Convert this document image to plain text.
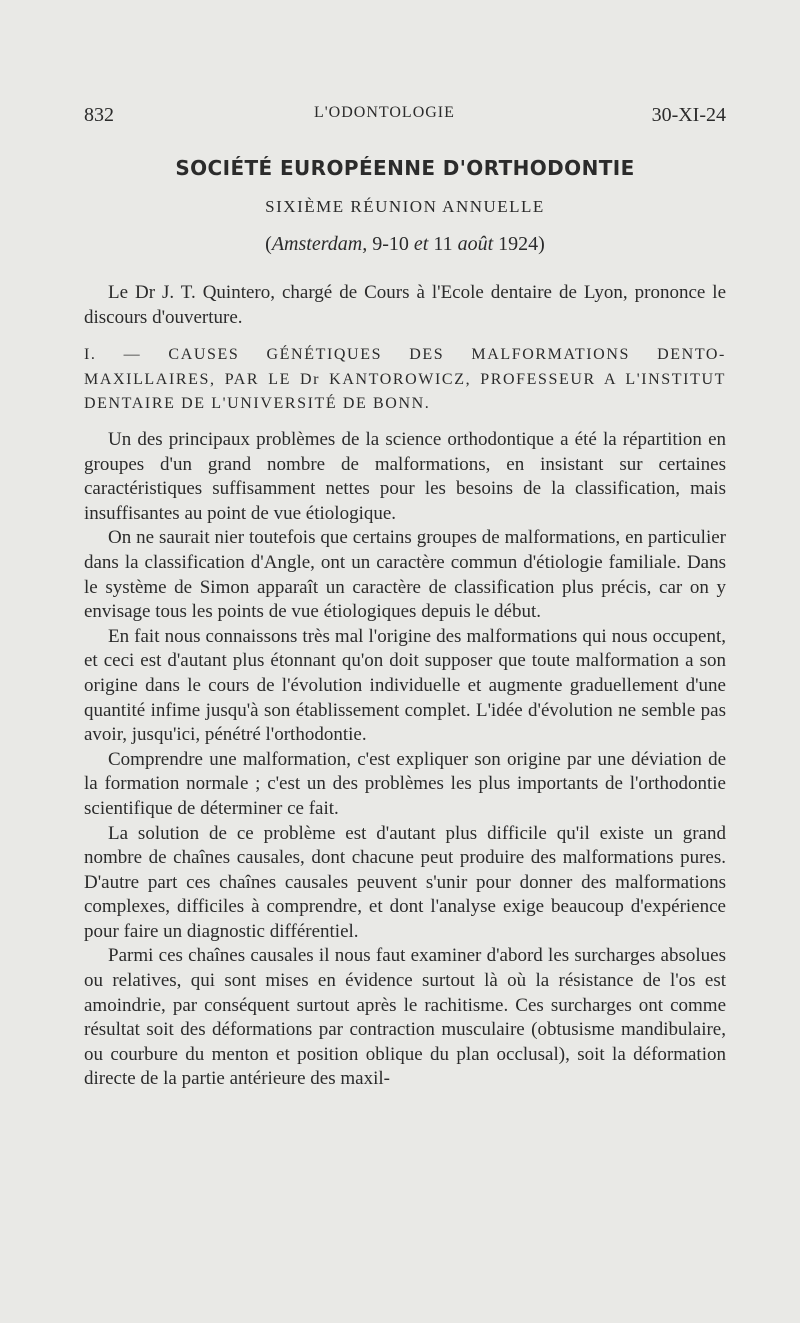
832	L'ODONTOLOGIE	30-XI-24
SOCIÉTÉ EUROPÉENNE D'ORTHODONTIE
SIXIÈME RÉUNION ANNUELLE
(Amsterdam, 9-10 et 11 août 1924)

Le Dr J. T. Quintero, chargé de Cours à l'Ecole dentaire de Lyon, prononce le discours d'ouverture.

I. — CAUSES GÉNÉTIQUES DES MALFORMATIONS DENTO-MAXILLAIRES, PAR LE Dr KANTOROWICZ, PROFESSEUR A L'INSTITUT DENTAIRE DE L'UNIVERSITÉ DE BONN.

Un des principaux problèmes de la science orthodontique a été la répartition en groupes d'un grand nombre de malformations, en insistant sur certaines caractéristiques suffisamment nettes pour les besoins de la classification, mais insuffisantes au point de vue étiologique.

On ne saurait nier toutefois que certains groupes de malformations, en particulier dans la classification d'Angle, ont un caractère commun d'étiologie familiale. Dans le système de Simon apparaît un caractère de classification plus précis, car on y envisage tous les points de vue étiologiques depuis le début.

En fait nous connaissons très mal l'origine des malformations qui nous occupent, et ceci est d'autant plus étonnant qu'on doit supposer que toute malformation a son origine dans le cours de l'évolution individuelle et augmente graduellement d'une quantité infime jusqu'à son établissement complet. L'idée d'évolution ne semble pas avoir, jusqu'ici, pénétré l'orthodontie.

Comprendre une malformation, c'est expliquer son origine par une déviation de la formation normale ; c'est un des problèmes les plus importants de l'orthodontie scientifique de déterminer ce fait.

La solution de ce problème est d'autant plus difficile qu'il existe un grand nombre de chaînes causales, dont chacune peut produire des malformations pures. D'autre part ces chaînes causales peuvent s'unir pour donner des malformations complexes, difficiles à comprendre, et dont l'analyse exige beaucoup d'expérience pour faire un diagnostic différentiel.

Parmi ces chaînes causales il nous faut examiner d'abord les surcharges absolues ou relatives, qui sont mises en évidence surtout là où la résistance de l'os est amoindrie, par conséquent surtout après le rachitisme. Ces surcharges ont comme résultat soit des déformations par contraction musculaire (obtusisme mandibulaire, ou courbure du menton et position oblique du plan occlusal), soit la déformation directe de la partie antérieure des maxil-
